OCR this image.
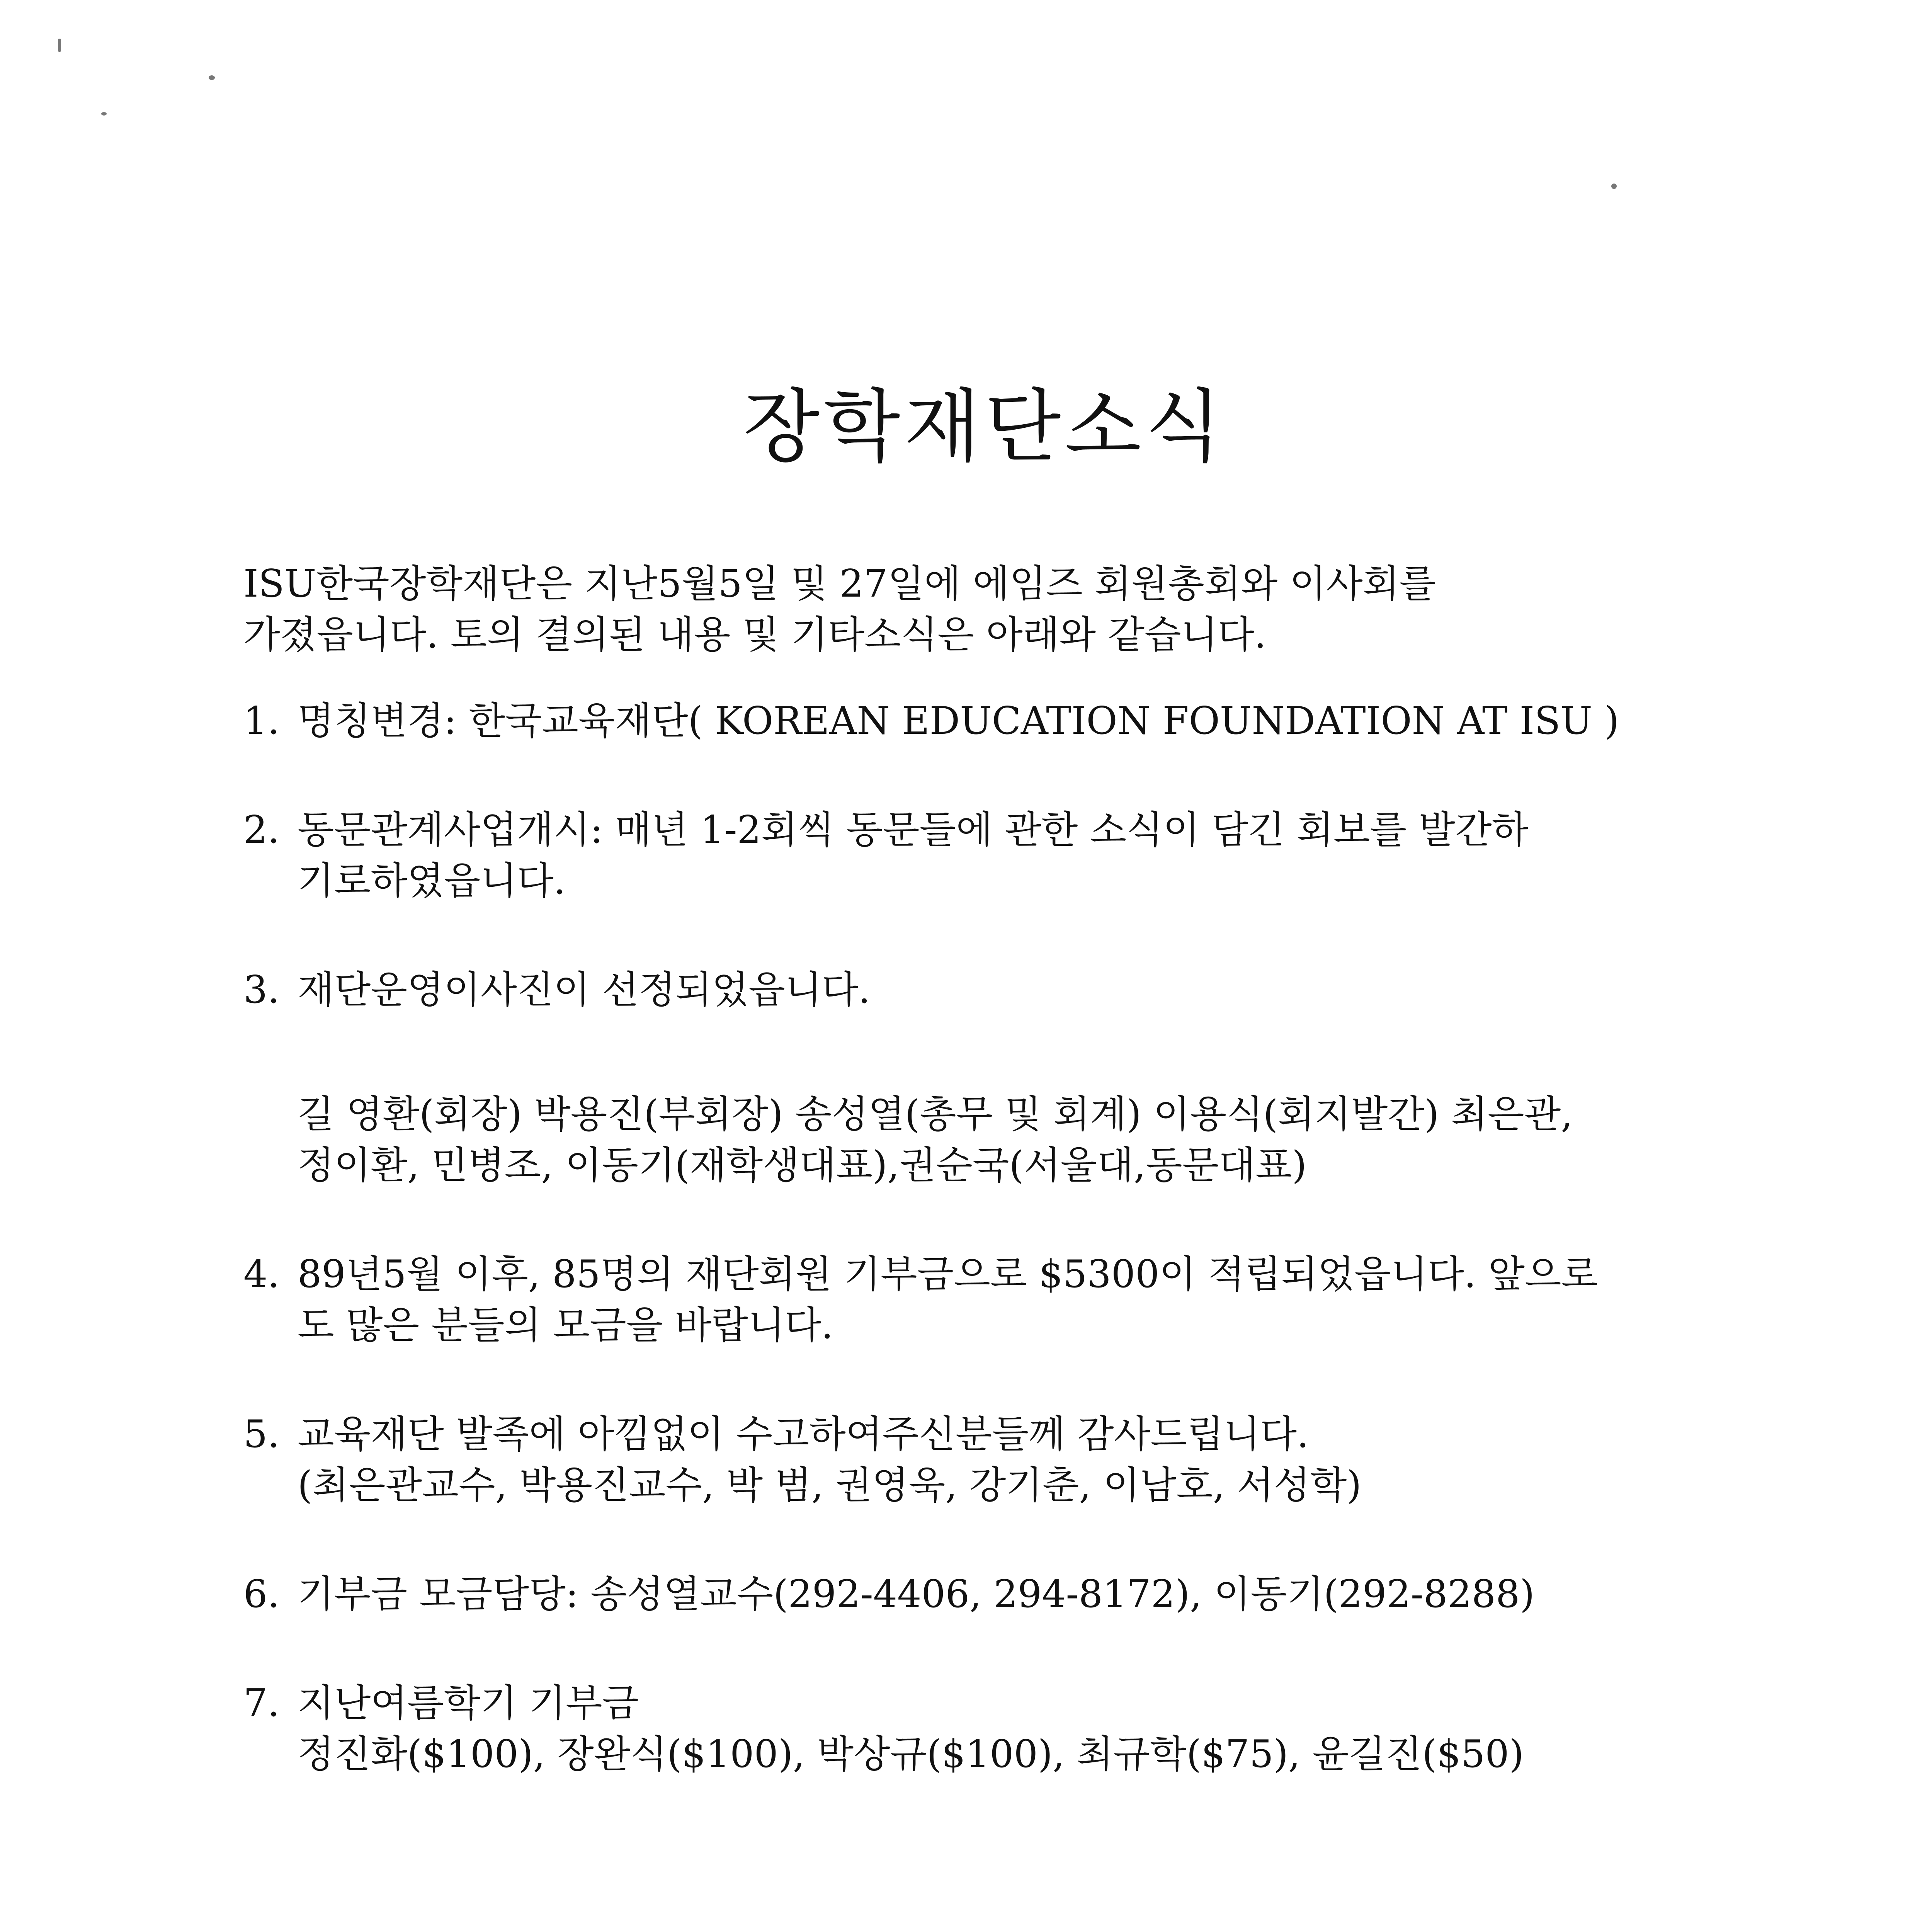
장학재단소식

ISU한국장학재단은 지난5월5일 및 27일에 에임즈 회원총회와 이사회를
가졌읍니다. 토의 결의된 내용 및 기타소식은 아래와 같습니다.

1. 명칭변경: 한국교육재단( KOREAN EDUCATION FOUNDATION AT ISU )
2. 동문관계사업개시: 매년 1-2회씩 동문들에 관한 소식이 담긴 회보를 발간하
기로하였읍니다.
3. 재단운영이사진이 선정되었읍니다.
길 영환(회장) 박용진(부회장) 송성열(총무 및 회계) 이용식(회지발간) 최은관,
정이환, 민병조, 이동기(재학생대표),권순국(서울대,동문대표)
4. 89년5월 이후, 85명의 재단회원 기부금으로 $5300이 적립되었읍니다. 앞으로
도 많은 분들의 모금을 바랍니다.
5. 교육재단 발족에 아낌없이 수고하여주신분들께 감사드립니다.
(최은관교수, 박용진교수, 박 범, 권영욱, 강기춘, 이남호, 서성학)
6. 기부금 모금담당: 송성열교수(292-4406, 294-8172), 이동기(292-8288)
7. 지난여름학기 기부금
정진화($100), 장완식($100), 박상규($100), 최규학($75), 윤길진($50)
